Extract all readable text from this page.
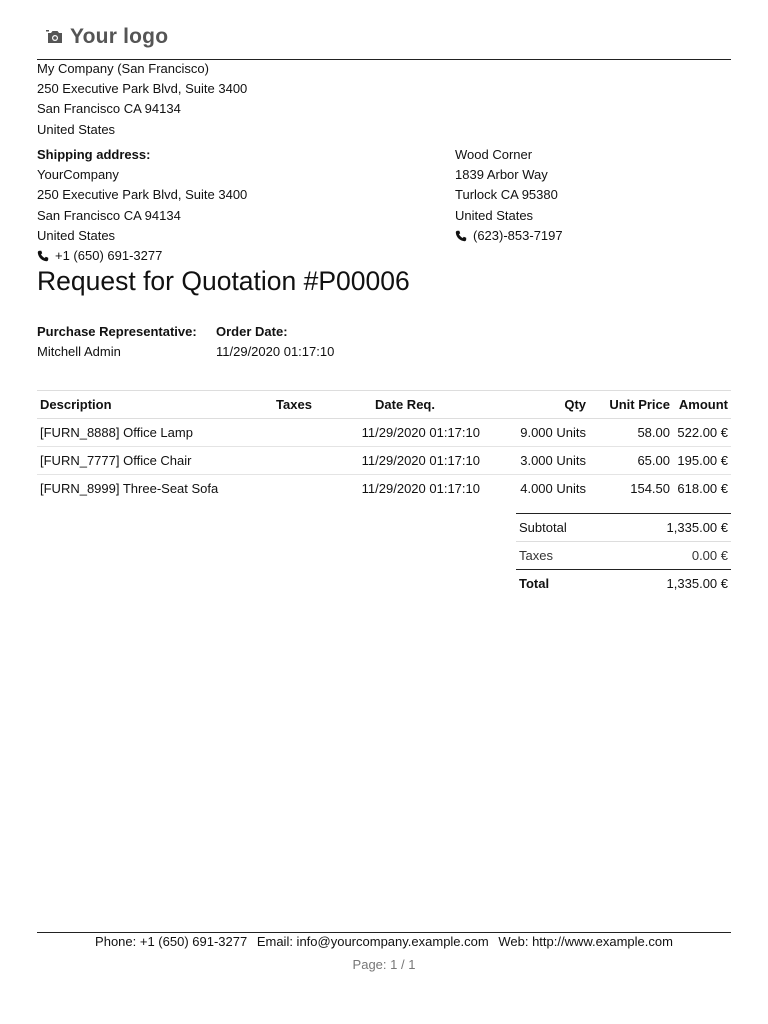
Your logo
My Company (San Francisco)
250 Executive Park Blvd, Suite 3400
San Francisco CA 94134
United States
Shipping address:
YourCompany
250 Executive Park Blvd, Suite 3400
San Francisco CA 94134
United States
+1 (650) 691-3277
Wood Corner
1839 Arbor Way
Turlock CA 95380
United States
(623)-853-7197
Request for Quotation #P00006
Purchase Representative:
Mitchell Admin
Order Date:
11/29/2020 01:17:10
Description	Taxes	Date Req.	Qty	Unit Price	Amount
[FURN_8888] Office Lamp		11/29/2020 01:17:10	9.000 Units	58.00	522.00 €
[FURN_7777] Office Chair		11/29/2020 01:17:10	3.000 Units	65.00	195.00 €
[FURN_8999] Three-Seat Sofa		11/29/2020 01:17:10	4.000 Units	154.50	618.00 €
Subtotal	1,335.00 €
Taxes	0.00 €
Total	1,335.00 €
Phone: +1 (650) 691-3277 Email: info@yourcompany.example.com Web: http://www.example.com
Page: 1 / 1
